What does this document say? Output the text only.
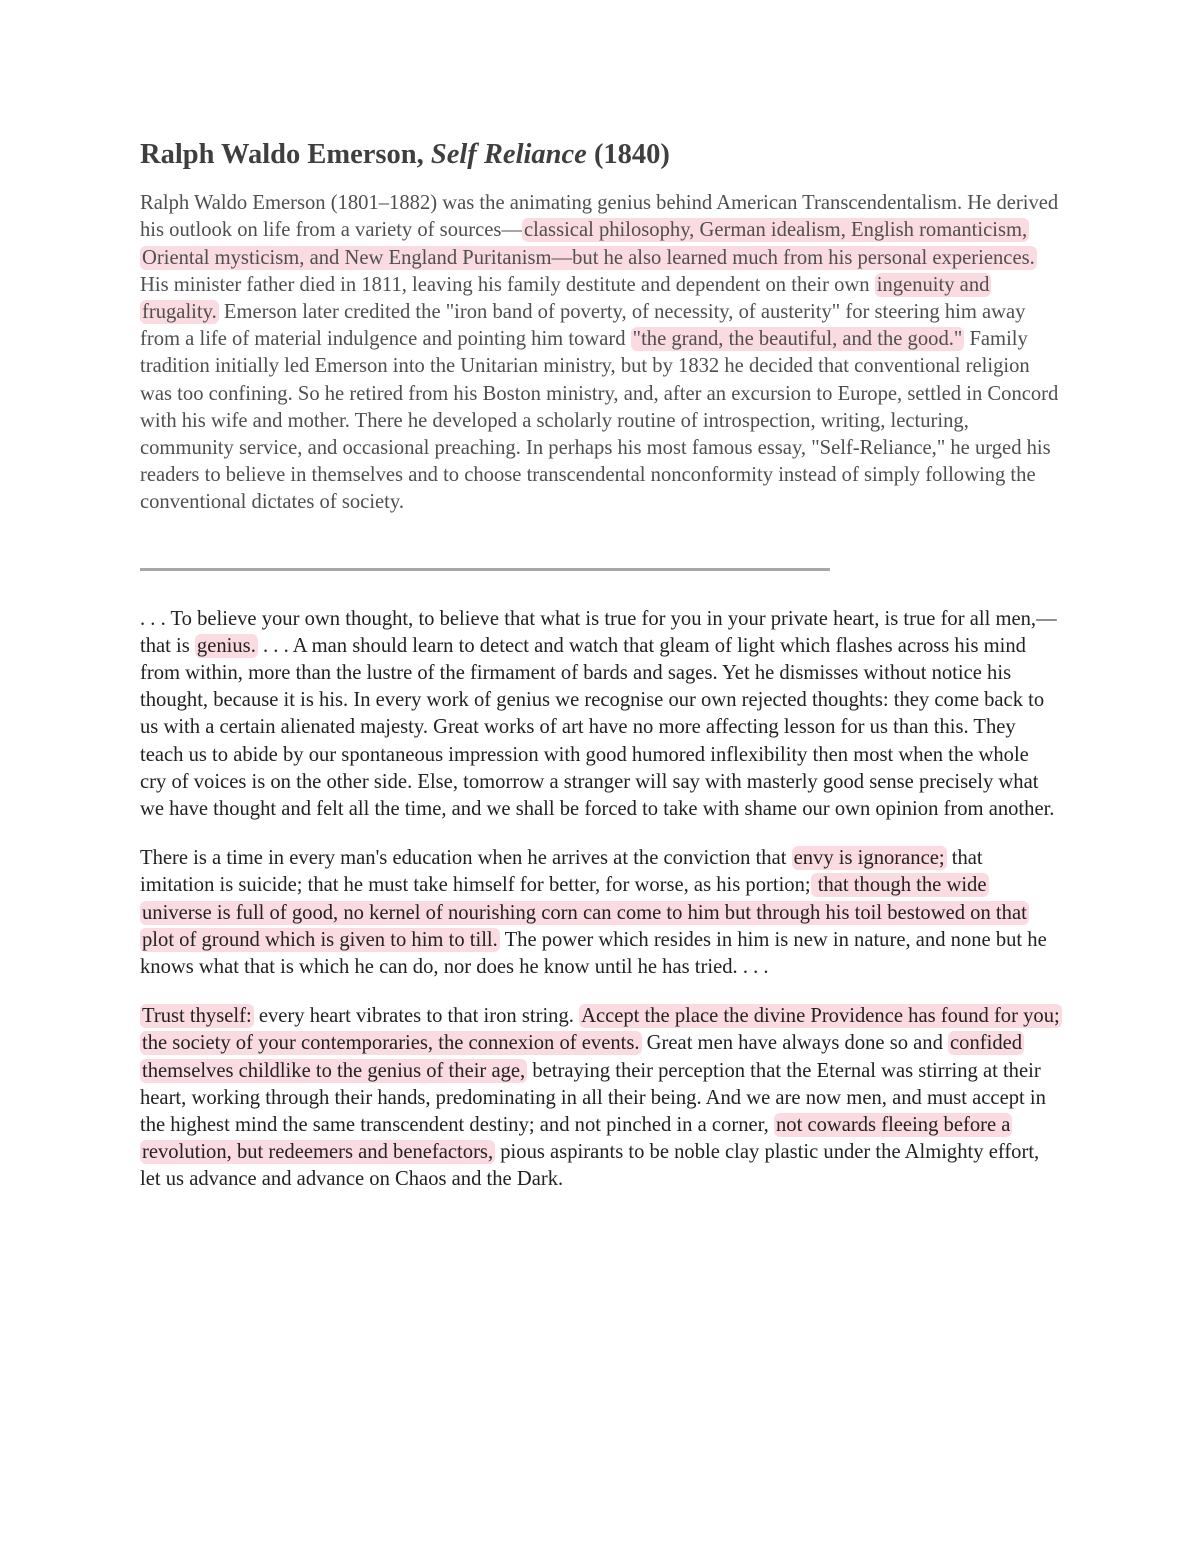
Ralph Waldo Emerson, Self Reliance (1840)

Ralph Waldo Emerson (1801–1882) was the animating genius behind American Transcendentalism. He derived his outlook on life from a variety of sources—classical philosophy, German idealism, English romanticism, Oriental mysticism, and New England Puritanism—but he also learned much from his personal experiences. His minister father died in 1811, leaving his family destitute and dependent on their own ingenuity and frugality. Emerson later credited the "iron band of poverty, of necessity, of austerity" for steering him away from a life of material indulgence and pointing him toward "the grand, the beautiful, and the good." Family tradition initially led Emerson into the Unitarian ministry, but by 1832 he decided that conventional religion was too confining. So he retired from his Boston ministry, and, after an excursion to Europe, settled in Concord with his wife and mother. There he developed a scholarly routine of introspection, writing, lecturing, community service, and occasional preaching. In perhaps his most famous essay, "Self-Reliance," he urged his readers to believe in themselves and to choose transcendental nonconformity instead of simply following the conventional dictates of society.

. . . To believe your own thought, to believe that what is true for you in your private heart, is true for all men,—that is genius. . . . A man should learn to detect and watch that gleam of light which flashes across his mind from within, more than the lustre of the firmament of bards and sages. Yet he dismisses without notice his thought, because it is his. In every work of genius we recognise our own rejected thoughts: they come back to us with a certain alienated majesty. Great works of art have no more affecting lesson for us than this. They teach us to abide by our spontaneous impression with good humored inflexibility then most when the whole cry of voices is on the other side. Else, tomorrow a stranger will say with masterly good sense precisely what we have thought and felt all the time, and we shall be forced to take with shame our own opinion from another.

There is a time in every man's education when he arrives at the conviction that envy is ignorance; that imitation is suicide; that he must take himself for better, for worse, as his portion; that though the wide universe is full of good, no kernel of nourishing corn can come to him but through his toil bestowed on that plot of ground which is given to him to till. The power which resides in him is new in nature, and none but he knows what that is which he can do, nor does he know until he has tried. . . .

Trust thyself: every heart vibrates to that iron string. Accept the place the divine Providence has found for you; the society of your contemporaries, the connexion of events. Great men have always done so and confided themselves childlike to the genius of their age, betraying their perception that the Eternal was stirring at their heart, working through their hands, predominating in all their being. And we are now men, and must accept in the highest mind the same transcendent destiny; and not pinched in a corner, not cowards fleeing before a revolution, but redeemers and benefactors, pious aspirants to be noble clay plastic under the Almighty effort, let us advance and advance on Chaos and the Dark.
